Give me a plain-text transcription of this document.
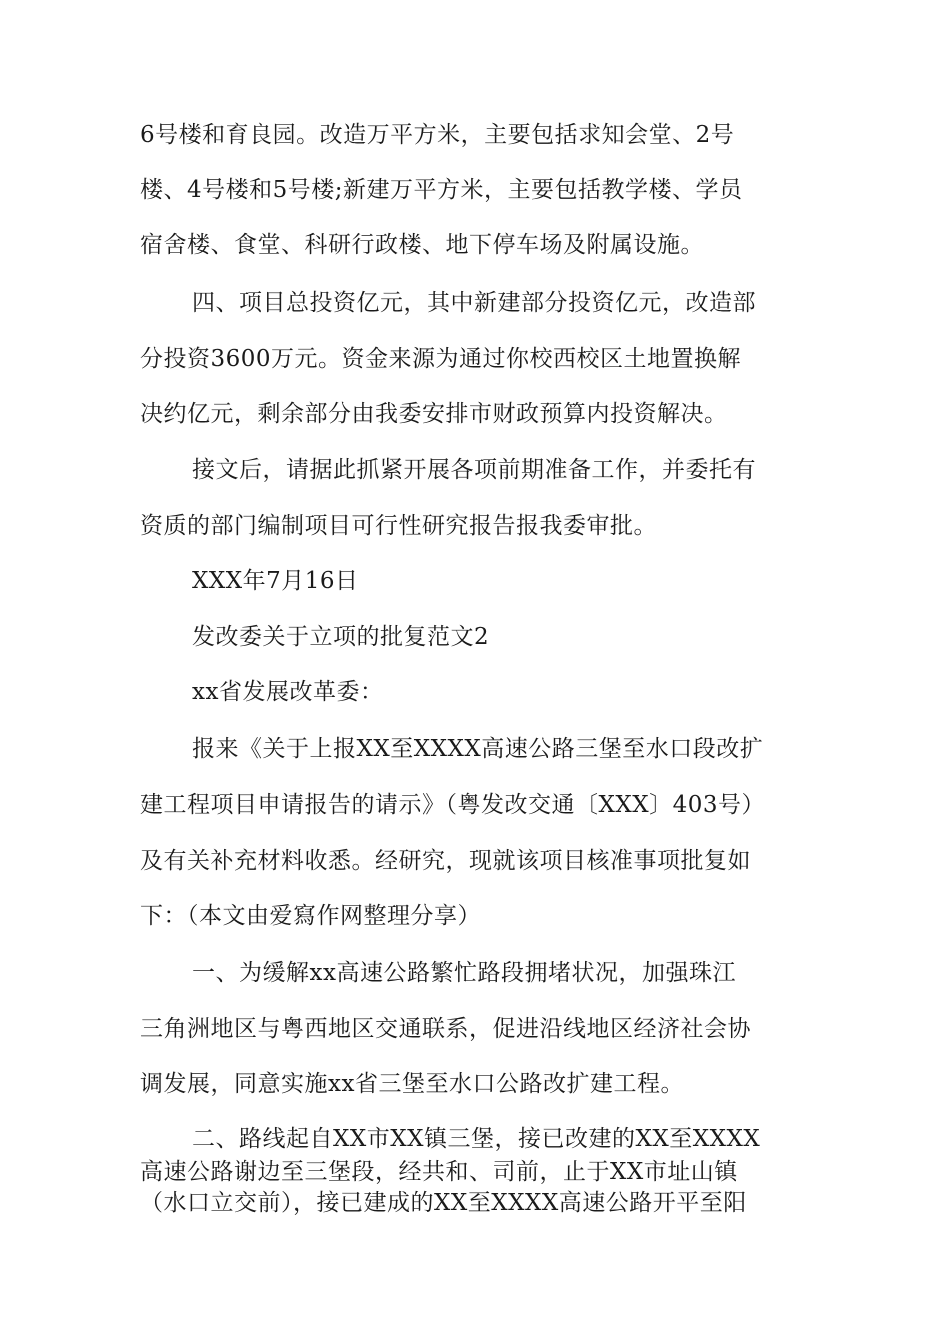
6号楼和育良园。改造万平方米，主要包括求知会堂、2号
楼、4号楼和5号楼;新建万平方米，主要包括教学楼、学员
宿舍楼、食堂、科研行政楼、地下停车场及附属设施。
四、项目总投资亿元，其中新建部分投资亿元，改造部
分投资3600万元。资金来源为通过你校西校区土地置换解
决约亿元，剩余部分由我委安排市财政预算内投资解决。
接文后，请据此抓紧开展各项前期准备工作，并委托有
资质的部门编制项目可行性研究报告报我委审批。
XXX年7月16日
发改委关于立项的批复范文2
xx省发展改革委：
报来《关于上报XX至XXXX高速公路三堡至水口段改扩
建工程项目申请报告的请示》（粤发改交通〔XXX〕403号）
及有关补充材料收悉。经研究，现就该项目核准事项批复如
下：（本文由爱寫作网整理分享）
一、为缓解xx高速公路繁忙路段拥堵状况，加强珠江
三角洲地区与粤西地区交通联系，促进沿线地区经济社会协
调发展，同意实施xx省三堡至水口公路改扩建工程。
二、路线起自XX市XX镇三堡，接已改建的XX至XXXX
高速公路谢边至三堡段，经共和、司前，止于XX市址山镇
（水口立交前），接已建成的XX至XXXX高速公路开平至阳
